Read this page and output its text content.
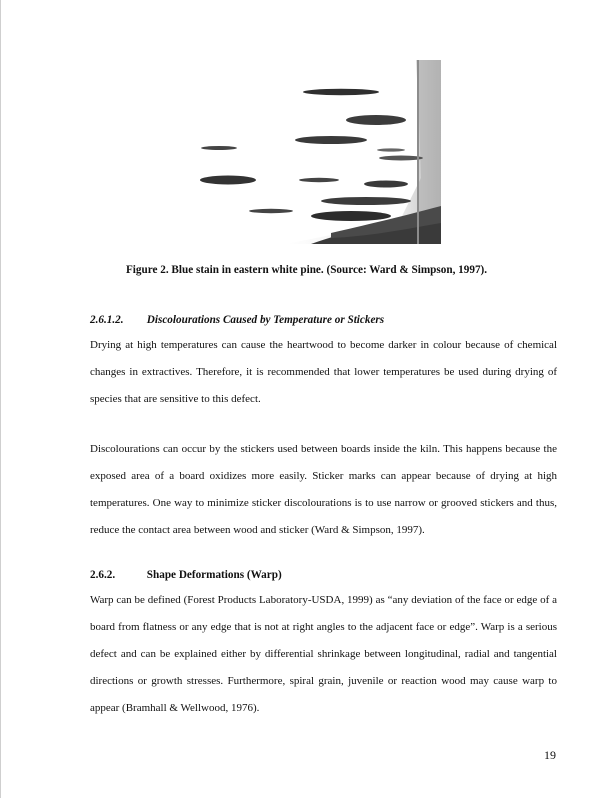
Figure 2. Blue stain in eastern white pine. (Source: Ward & Simpson, 1997).
2.6.1.2. Discolourations Caused by Temperature or Stickers
Drying at high temperatures can cause the heartwood to become darker in colour because of chemical changes in extractives. Therefore, it is recommended that lower temperatures be used during drying of species that are sensitive to this defect.
Discolourations can occur by the stickers used between boards inside the kiln. This happens because the exposed area of a board oxidizes more easily. Sticker marks can appear because of drying at high temperatures. One way to minimize sticker discolourations is to use narrow or grooved stickers and thus, reduce the contact area between wood and sticker (Ward & Simpson, 1997).
2.6.2.	Shape Deformations (Warp)
Warp can be defined (Forest Products Laboratory-USDA, 1999) as “any deviation of the face or edge of a board from flatness or any edge that is not at right angles to the adjacent face or edge”. Warp is a serious defect and can be explained either by differential shrinkage between longitudinal, radial and tangential directions or growth stresses. Furthermore, spiral grain, juvenile or reaction wood may cause warp to appear (Bramhall & Wellwood, 1976).
19
